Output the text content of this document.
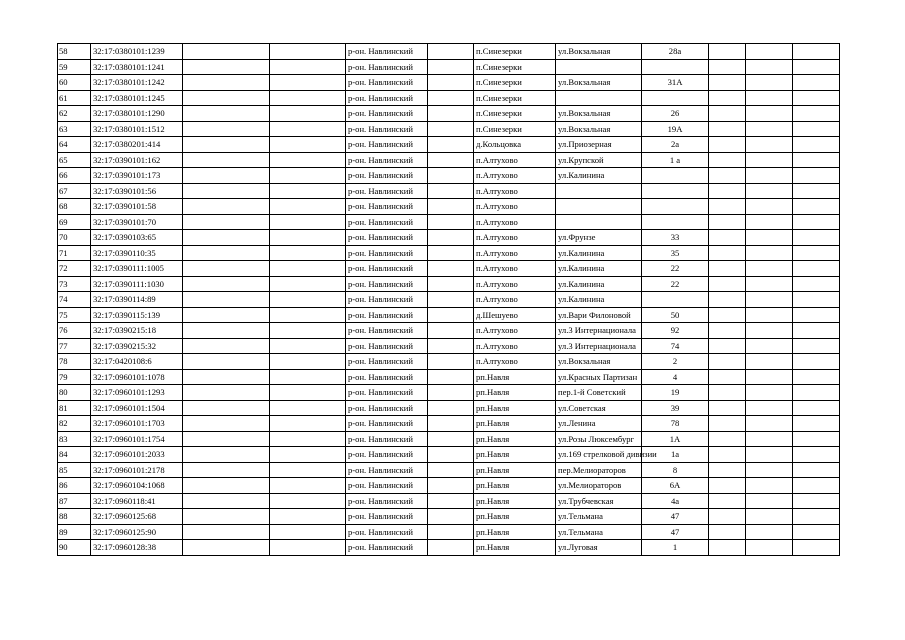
58	32:17:0380101:1239			р-он. Навлинский		п.Синезерки	ул.Вокзальная	28а			
59	32:17:0380101:1241			р-он. Навлинский		п.Синезерки					
60	32:17:0380101:1242			р-он. Навлинский		п.Синезерки	ул.Вокзальная	31А			
61	32:17:0380101:1245			р-он. Навлинский		п.Синезерки					
62	32:17:0380101:1290			р-он. Навлинский		п.Синезерки	ул.Вокзальная	26			
63	32:17:0380101:1512			р-он. Навлинский		п.Синезерки	ул.Вокзальная	19А			
64	32:17:0380201:414			р-он. Навлинский		д.Кольцовка	ул.Приозерная	2а			
65	32:17:0390101:162			р-он. Навлинский		п.Алтухово	ул.Крупской	1 а			
66	32:17:0390101:173			р-он. Навлинский		п.Алтухово	ул.Калинина				
67	32:17:0390101:56			р-он. Навлинский		п.Алтухово					
68	32:17:0390101:58			р-он. Навлинский		п.Алтухово					
69	32:17:0390101:70			р-он. Навлинский		п.Алтухово					
70	32:17:0390103:65			р-он. Навлинский		п.Алтухово	ул.Фрунзе	33			
71	32:17:0390110:35			р-он. Навлинский		п.Алтухово	ул.Калинина	35			
72	32:17:0390111:1005			р-он. Навлинский		п.Алтухово	ул.Калинина	22			
73	32:17:0390111:1030			р-он. Навлинский		п.Алтухово	ул.Калинина	22			
74	32:17:0390114:89			р-он. Навлинский		п.Алтухово	ул.Калинина				
75	32:17:0390115:139			р-он. Навлинский		д.Шешуево	ул.Вари Филоновой	50			
76	32:17:0390215:18			р-он. Навлинский		п.Алтухово	ул.3 Интернационала	92			
77	32:17:0390215:32			р-он. Навлинский		п.Алтухово	ул.3 Интернационала	74			
78	32:17:0420108:6			р-он. Навлинский		п.Алтухово	ул.Вокзальная	2			
79	32:17:0960101:1078			р-он. Навлинский		рп.Навля	ул.Красных Партизан	4			
80	32:17:0960101:1293			р-он. Навлинский		рп.Навля	пер.1-й Советский	19			
81	32:17:0960101:1504			р-он. Навлинский		рп.Навля	ул.Советская	39			
82	32:17:0960101:1703			р-он. Навлинский		рп.Навля	ул.Ленина	78			
83	32:17:0960101:1754			р-он. Навлинский		рп.Навля	ул.Розы Люксембург	1А			
84	32:17:0960101:2033			р-он. Навлинский		рп.Навля	ул.169 стрелковой дивизии	1а			
85	32:17:0960101:2178			р-он. Навлинский		рп.Навля	пер.Мелиораторов	8			
86	32:17:0960104:1068			р-он. Навлинский		рп.Навля	ул.Мелиораторов	6А			
87	32:17:0960118:41			р-он. Навлинский		рп.Навля	ул.Трубчевская	4а			
88	32:17:0960125:68			р-он. Навлинский		рп.Навля	ул.Тельмана	47			
89	32:17:0960125:90			р-он. Навлинский		рп.Навля	ул.Тельмана	47			
90	32:17:0960128:38			р-он. Навлинский		рп.Навля	ул.Луговая	1			
